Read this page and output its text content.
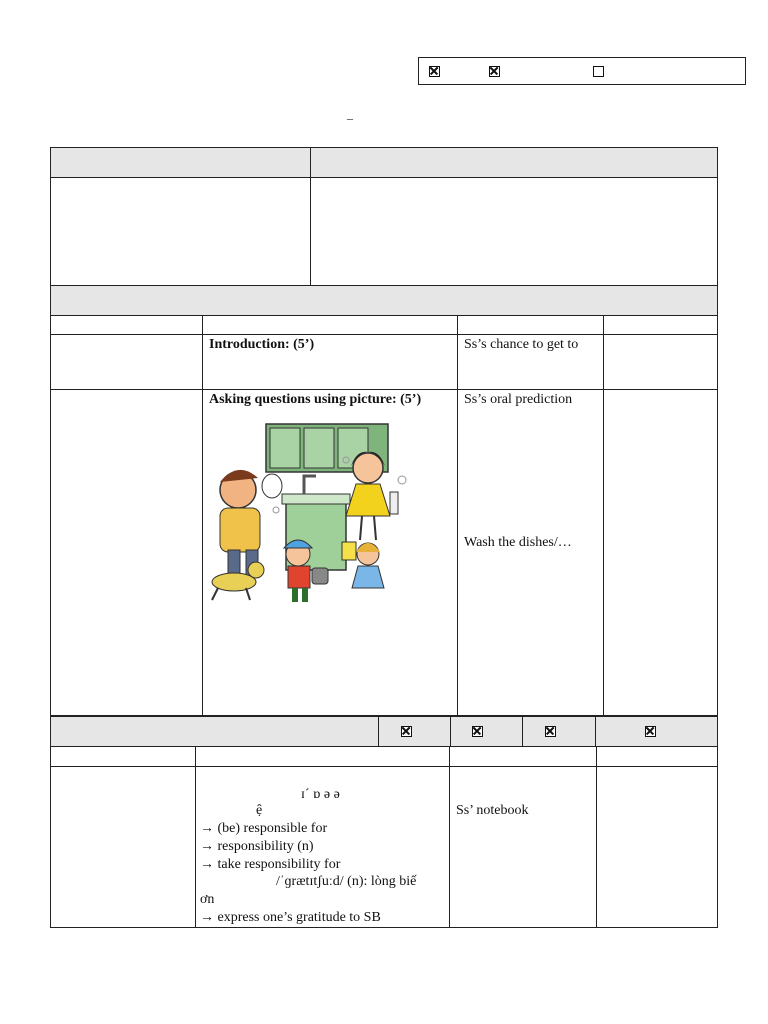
–
Introduction: (5’)	Ss’s chance to get to
Asking questions using picture: (5’)	Ss’s oral prediction
Wash the dishes/…
ɪ´ ɒ ə ə
ệ
→ (be) responsible for
→ responsibility (n)
→ take responsibility for
/ˈɡrætɪtʃuːd/ (n): lòng biế
ơn
→ express one’s gratitude to SB
Ss’ notebook
